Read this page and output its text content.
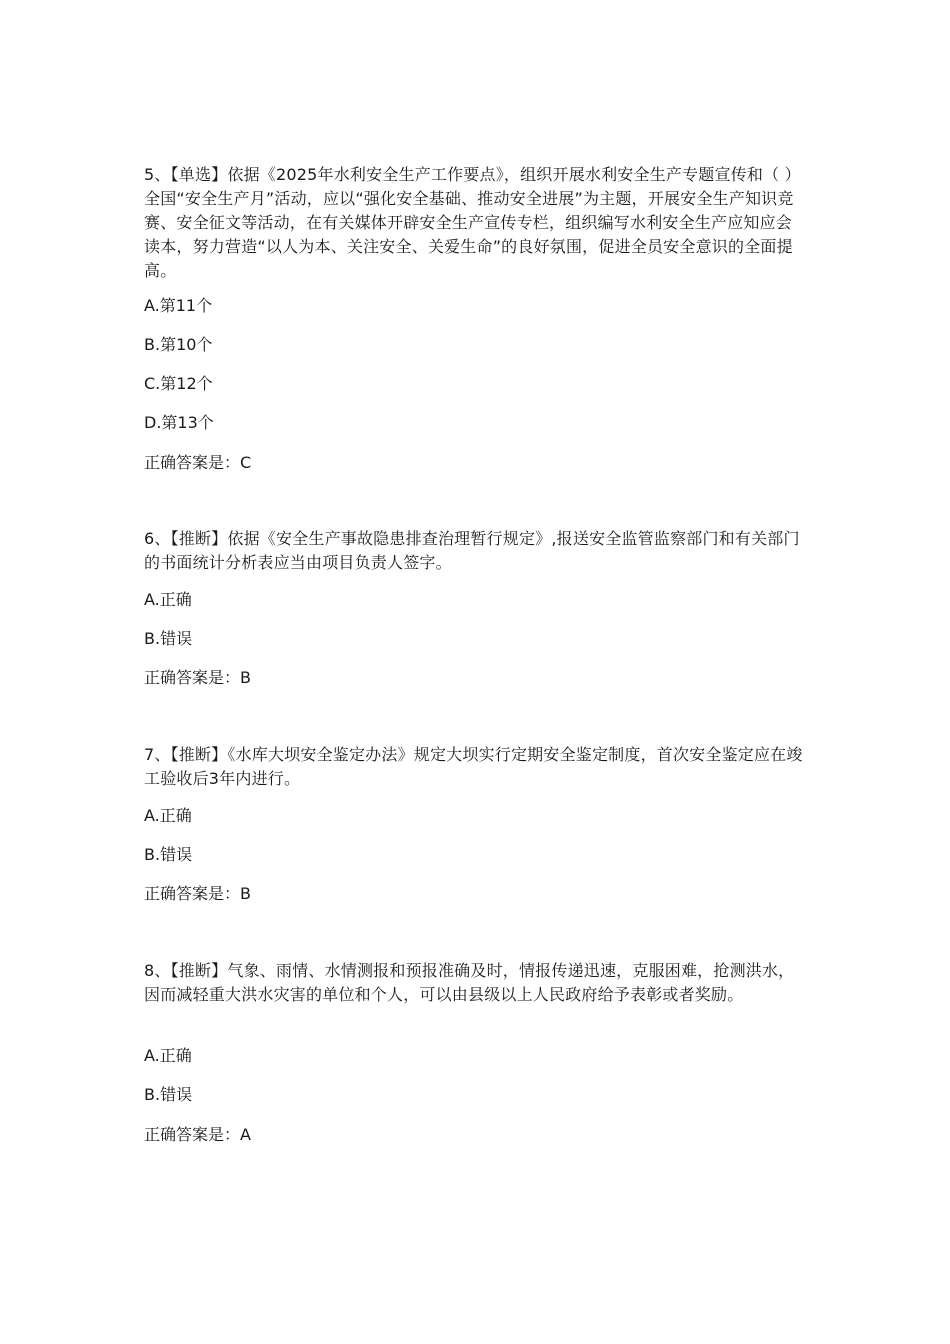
5、【单选】依据《2025年水利安全生产工作要点》，组织开展水利安全生产专题宣传和（ ）全国“安全生产月”活动，应以“强化安全基础、推动安全进展”为主题，开展安全生产知识竞赛、安全征文等活动，在有关媒体开辟安全生产宣传专栏，组织编写水利安全生产应知应会读本，努力营造“以人为本、关注安全、关爱生命”的良好氛围，促进全员安全意识的全面提高。

A.第11个

B.第10个

C.第12个

D.第13个

正确答案是：C

6、【推断】依据《安全生产事故隐患排查治理暂行规定》,报送安全监管监察部门和有关部门的书面统计分析表应当由项目负责人签字。

A.正确

B.错误

正确答案是：B

7、【推断】《水库大坝安全鉴定办法》规定大坝实行定期安全鉴定制度，首次安全鉴定应在竣工验收后3年内进行。

A.正确

B.错误

正确答案是：B

8、【推断】气象、雨情、水情测报和预报准确及时，情报传递迅速，克服困难，抢测洪水，因而减轻重大洪水灾害的单位和个人，可以由县级以上人民政府给予表彰或者奖励。

A.正确

B.错误

正确答案是：A
